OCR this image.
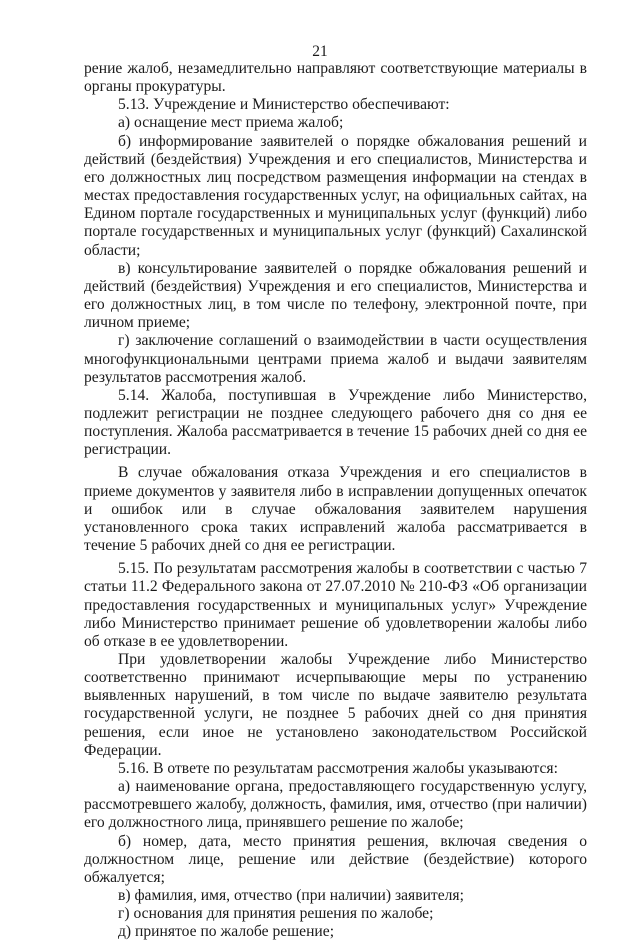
21

рение жалоб, незамедлительно направляют соответствующие материалы в органы прокуратуры.

5.13. Учреждение и Министерство обеспечивают:

а) оснащение мест приема жалоб;

б) информирование заявителей о порядке обжалования решений и действий (бездействия) Учреждения и его специалистов, Министерства и его должностных лиц посредством размещения информации на стендах в местах предоставления государственных услуг, на официальных сайтах, на Едином портале государственных и муниципальных услуг (функций) либо портале государственных и муниципальных услуг (функций) Сахалинской области;

в) консультирование заявителей о порядке обжалования решений и действий (бездействия) Учреждения и его специалистов, Министерства и его должностных лиц, в том числе по телефону, электронной почте, при личном приеме;

г) заключение соглашений о взаимодействии в части осуществления многофункциональными центрами приема жалоб и выдачи заявителям результатов рассмотрения жалоб.

5.14. Жалоба, поступившая в Учреждение либо Министерство, подлежит регистрации не позднее следующего рабочего дня со дня ее поступления. Жалоба рассматривается в течение 15 рабочих дней со дня ее регистрации.

В случае обжалования отказа Учреждения и его специалистов в приеме документов у заявителя либо в исправлении допущенных опечаток и ошибок или в случае обжалования заявителем нарушения установленного срока таких исправлений жалоба рассматривается в течение 5 рабочих дней со дня ее регистрации.

5.15. По результатам рассмотрения жалобы в соответствии с частью 7 статьи 11.2 Федерального закона от 27.07.2010 № 210-ФЗ «Об организации предоставления государственных и муниципальных услуг» Учреждение либо Министерство принимает решение об удовлетворении жалобы либо об отказе в ее удовлетворении.

При удовлетворении жалобы Учреждение либо Министерство соответственно принимают исчерпывающие меры по устранению выявленных нарушений, в том числе по выдаче заявителю результата государственной услуги, не позднее 5 рабочих дней со дня принятия решения, если иное не установлено законодательством Российской Федерации.

5.16. В ответе по результатам рассмотрения жалобы указываются:

а) наименование органа, предоставляющего государственную услугу, рассмотревшего жалобу, должность, фамилия, имя, отчество (при наличии) его должностного лица, принявшего решение по жалобе;

б) номер, дата, место принятия решения, включая сведения о должностном лице, решение или действие (бездействие) которого обжалуется;

в) фамилия, имя, отчество (при наличии) заявителя;

г) основания для принятия решения по жалобе;

д) принятое по жалобе решение;
